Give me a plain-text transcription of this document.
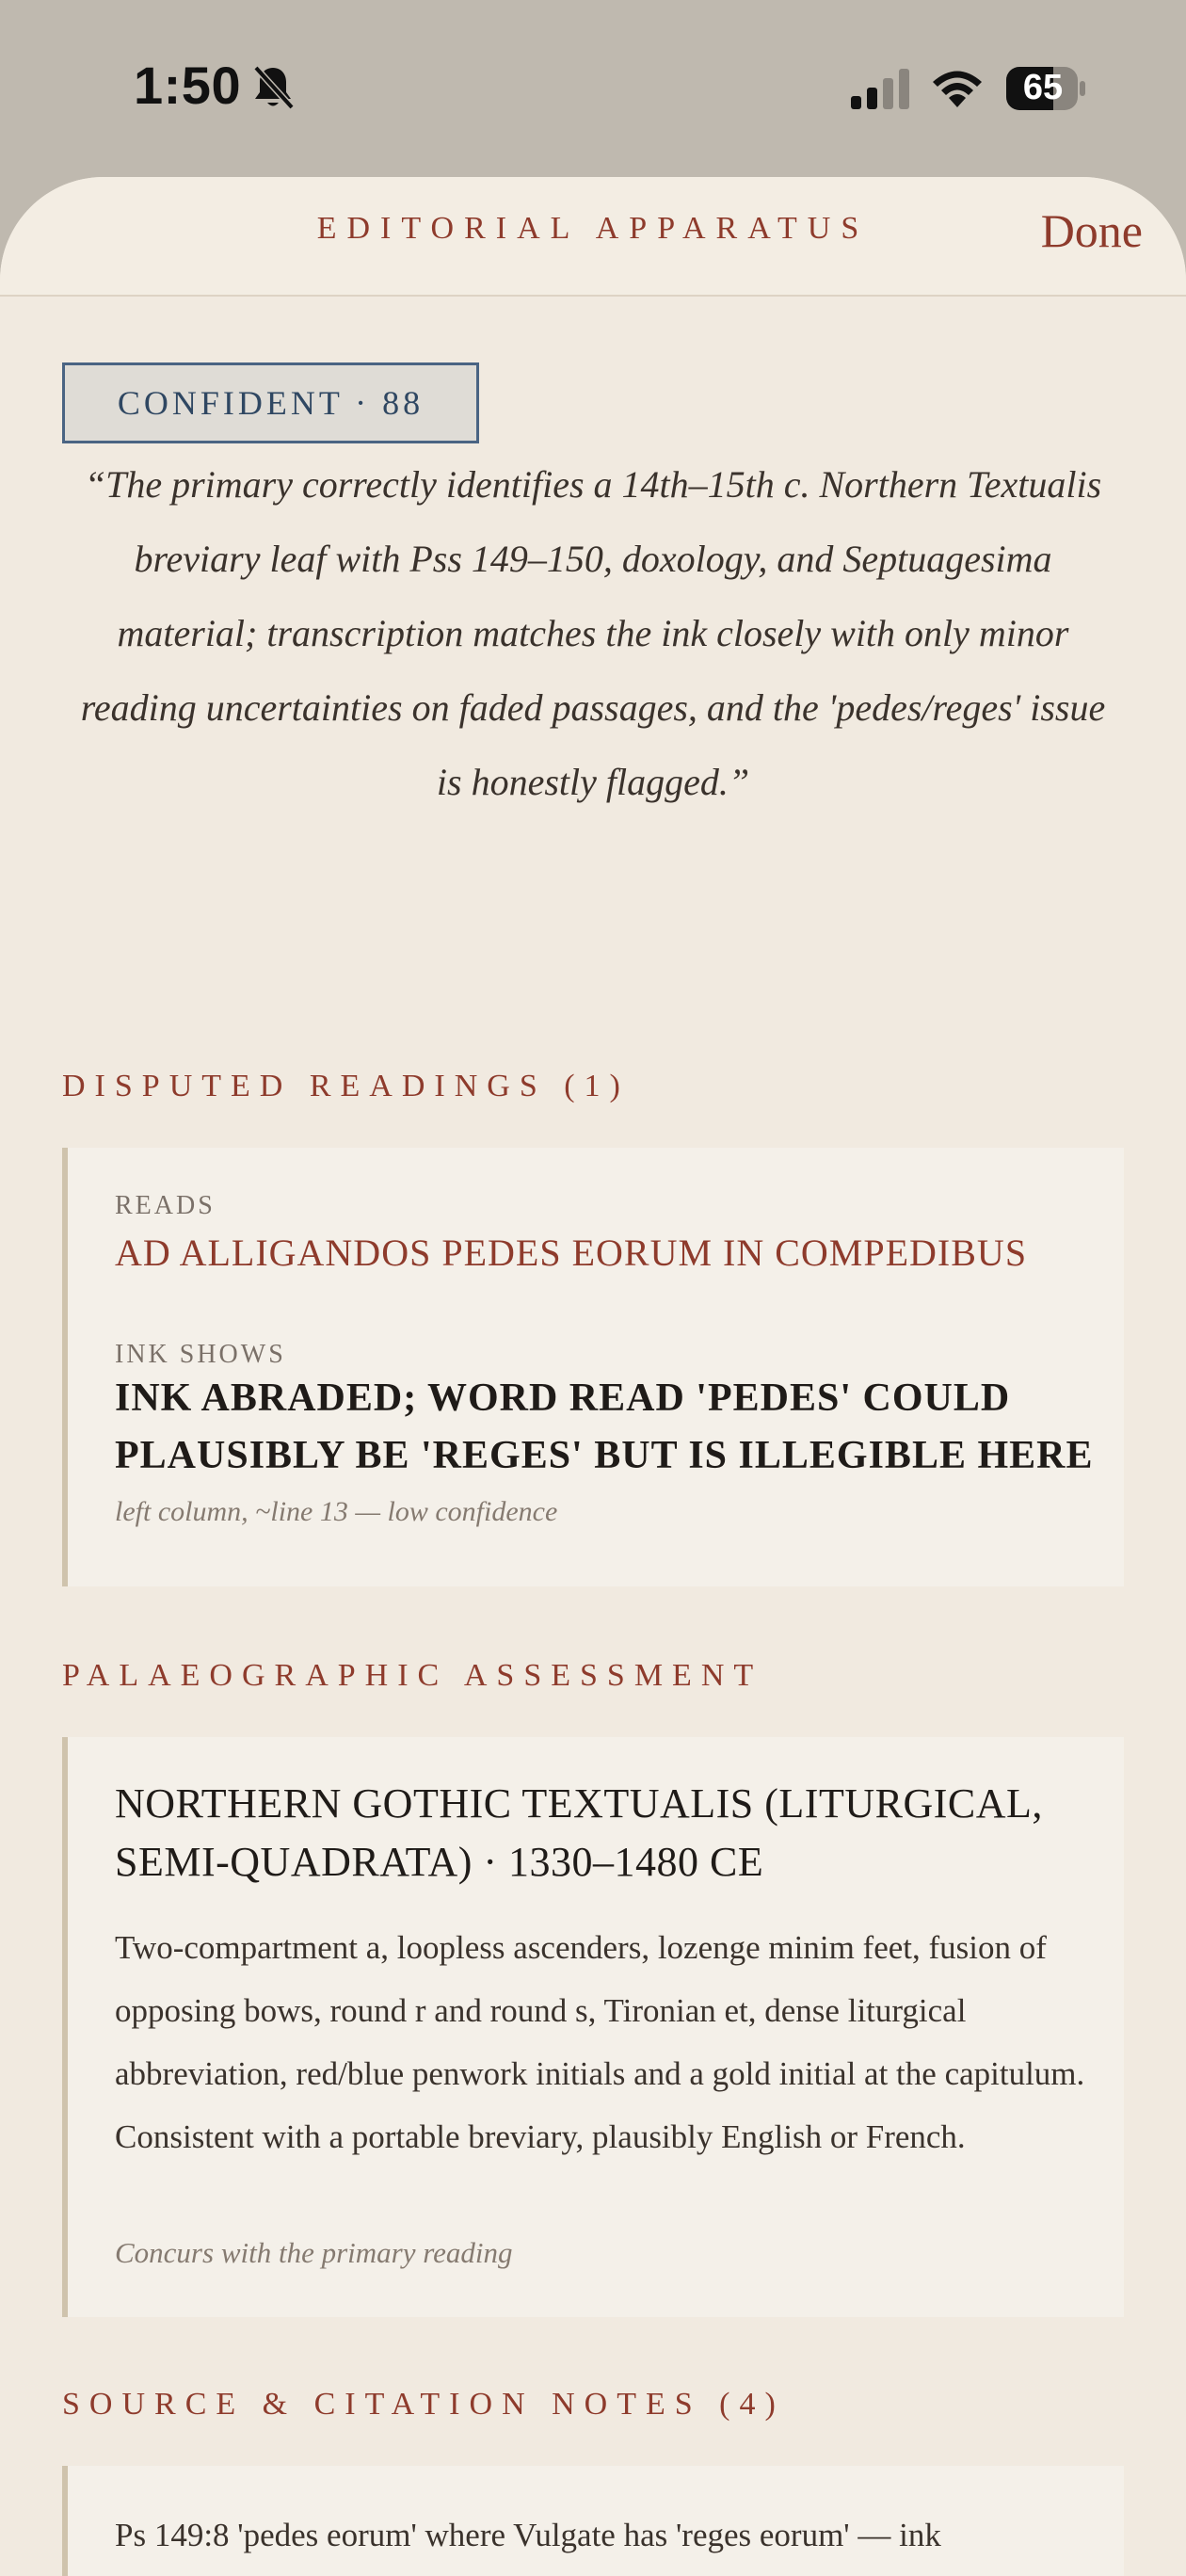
1:50	65
EDITORIAL APPARATUS	Done
CONFIDENT · 88
“The primary correctly identifies a 14th–15th c. Northern Textualis breviary leaf with Pss 149–150, doxology, and Septuagesima material; transcription matches the ink closely with only minor reading uncertainties on faded passages, and the 'pedes/reges' issue is honestly flagged.”
DISPUTED READINGS (1)
READS
AD ALLIGANDOS PEDES EORUM IN COMPEDIBUS
INK SHOWS
INK ABRADED; WORD READ 'PEDES' COULD PLAUSIBLY BE 'REGES' BUT IS ILLEGIBLE HERE
left column, ~line 13 — low confidence
PALAEOGRAPHIC ASSESSMENT
NORTHERN GOTHIC TEXTUALIS (LITURGICAL, SEMI-QUADRATA) · 1330–1480 CE
Two-compartment a, loopless ascenders, lozenge minim feet, fusion of opposing bows, round r and round s, Tironian et, dense liturgical abbreviation, red/blue penwork initials and a gold initial at the capitulum. Consistent with a portable breviary, plausibly English or French.
Concurs with the primary reading
SOURCE & CITATION NOTES (4)
Ps 149:8 'pedes eorum' where Vulgate has 'reges eorum' — ink
